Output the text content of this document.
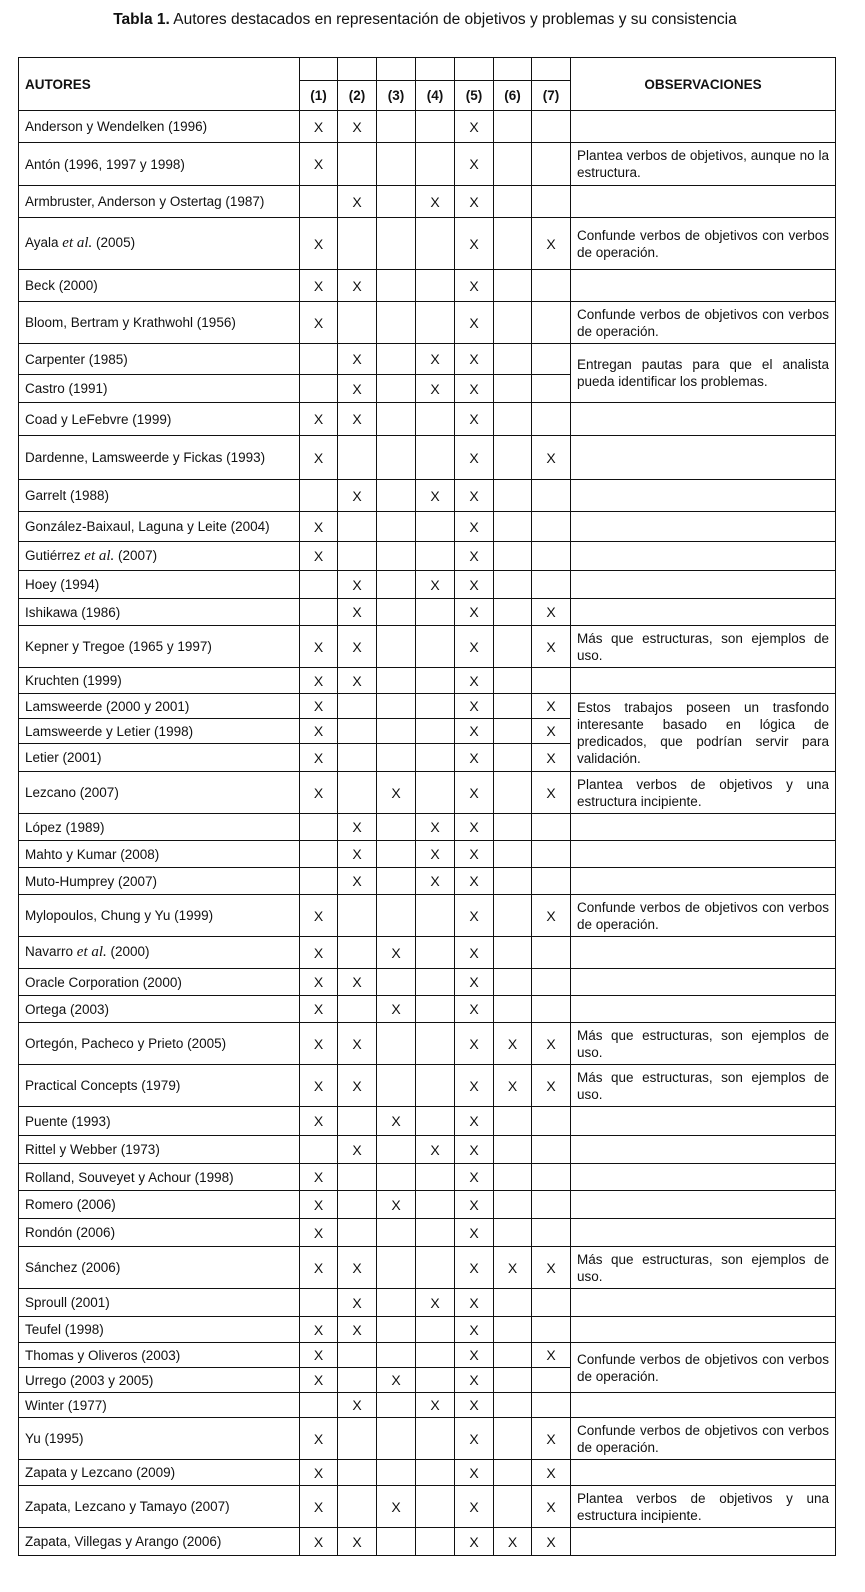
Tabla 1. Autores destacados en representación de objetivos y problemas y su consistencia
AUTORES								OBSERVACIONES
	(1)	(2)	(3)	(4)	(5)	(6)	(7)	
Anderson y Wendelken (1996)	X	X			X			
Antón (1996, 1997 y 1998)	X				X			Plantea verbos de objetivos, aunque no la estructura.
Armbruster, Anderson y Ostertag (1987)		X		X	X			
Ayala et al. (2005)	X				X		X	Confunde verbos de objetivos con verbos de operación.
Beck (2000)	X	X			X			
Bloom, Bertram y Krathwohl (1956)	X				X			Confunde verbos de objetivos con verbos de operación.
Carpenter (1985)		X		X	X			Entregan pautas para que el analista pueda identificar los problemas.
Castro (1991)		X		X	X			
Coad y LeFebvre (1999)	X	X			X			
Dardenne, Lamsweerde y Fickas (1993)	X				X		X	
Garrelt (1988)		X		X	X			
González-Baixaul, Laguna y Leite (2004)	X				X			
Gutiérrez et al. (2007)	X				X			
Hoey (1994)		X		X	X			
Ishikawa (1986)		X			X		X	
Kepner y Tregoe (1965 y 1997)	X	X			X		X	Más que estructuras, son ejemplos de uso.
Kruchten (1999)	X	X			X			
Lamsweerde (2000 y 2001)	X				X		X	Estos trabajos poseen un trasfondo interesante basado en lógica de predicados, que podrían servir para validación.
Lamsweerde y Letier (1998)	X				X		X	
Letier (2001)	X				X		X	
Lezcano (2007)	X		X		X		X	Plantea verbos de objetivos y una estructura incipiente.
López (1989)		X		X	X			
Mahto y Kumar (2008)		X		X	X			
Muto-Humprey (2007)		X		X	X			
Mylopoulos, Chung y Yu (1999)	X				X		X	Confunde verbos de objetivos con verbos de operación.
Navarro et al. (2000)	X		X		X			
Oracle Corporation (2000)	X	X			X			
Ortega (2003)	X		X		X			
Ortegón, Pacheco y Prieto (2005)	X	X			X	X	X	Más que estructuras, son ejemplos de uso.
Practical Concepts (1979)	X	X			X	X	X	Más que estructuras, son ejemplos de uso.
Puente (1993)	X		X		X			
Rittel y Webber (1973)		X		X	X			
Rolland, Souveyet y Achour (1998)	X				X			
Romero (2006)	X		X		X			
Rondón (2006)	X				X			
Sánchez (2006)	X	X			X	X	X	Más que estructuras, son ejemplos de uso.
Sproull (2001)		X		X	X			
Teufel (1998)	X	X			X			
Thomas y Oliveros (2003)	X				X		X	Confunde verbos de objetivos con verbos de operación.
Urrego (2003 y 2005)	X		X		X			
Winter (1977)		X		X	X			
Yu (1995)	X				X		X	Confunde verbos de objetivos con verbos de operación.
Zapata y Lezcano (2009)	X				X		X	
Zapata, Lezcano y Tamayo (2007)	X		X		X		X	Plantea verbos de objetivos y una estructura incipiente.
Zapata, Villegas y Arango (2006)	X	X			X	X	X	
